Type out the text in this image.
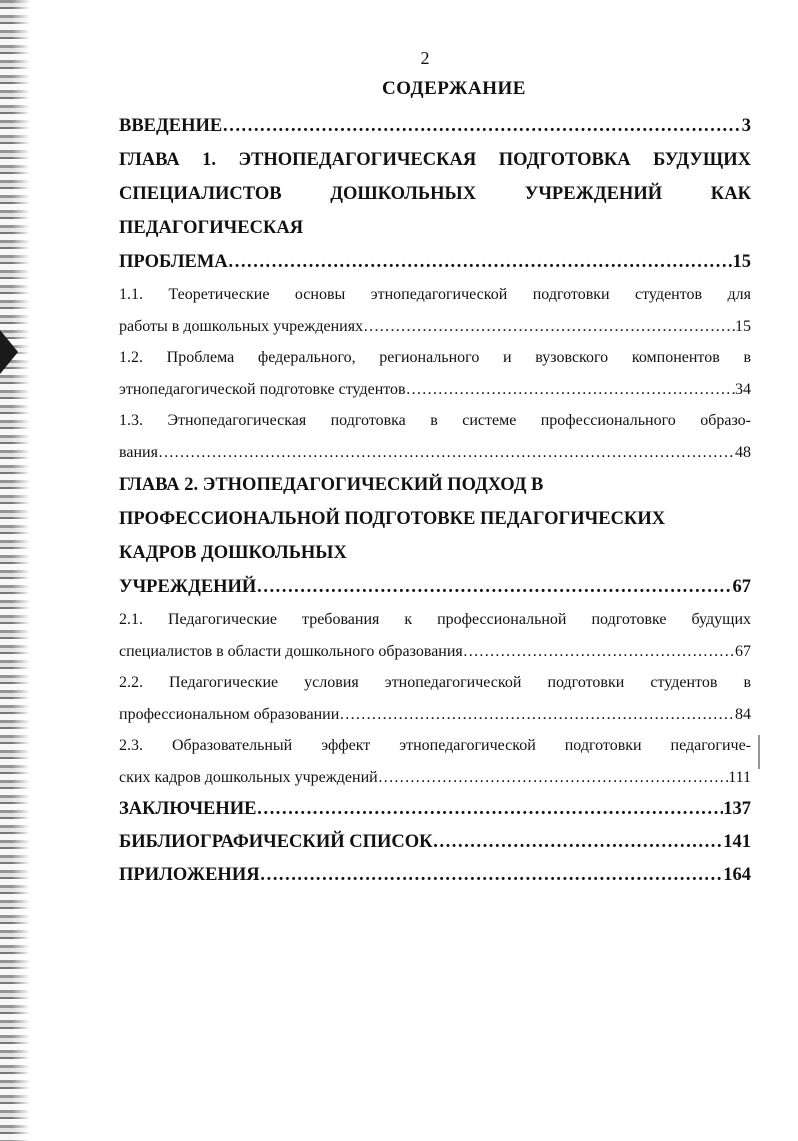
2
СОДЕРЖАНИЕ
ВВЕДЕНИЕ …………………………………………………………………………………………………………………………………………………………………………	3
ГЛАВА 1. ЭТНОПЕДАГОГИЧЕСКАЯ ПОДГОТОВКА БУДУЩИХ
СПЕЦИАЛИСТОВ ДОШКОЛЬНЫХ УЧРЕЖДЕНИЙ КАК
ПЕДАГОГИЧЕСКАЯ
ПРОБЛЕМА …………………………………………………………………………………………………………………………………………………………………………	15
1.1. Теоретические основы этнопедагогической подготовки студентов для
работы в дошкольных учреждениях …………………………………………………………………………………………………………………………………………………………………………	15
1.2. Проблема федерального, регионального и вузовского компонентов в
этнопедагогической подготовке студентов …………………………………………………………………………………………………………………………………………………………………………	34
1.3. Этнопедагогическая подготовка в системе профессионального образо-
вания …………………………………………………………………………………………………………………………………………………………………………	48
ГЛАВА 2. ЭТНОПЕДАГОГИЧЕСКИЙ ПОДХОД В
ПРОФЕССИОНАЛЬНОЙ ПОДГОТОВКЕ ПЕДАГОГИЧЕСКИХ
КАДРОВ ДОШКОЛЬНЫХ
УЧРЕЖДЕНИЙ …………………………………………………………………………………………………………………………………………………………………………	67
2.1. Педагогические требования к профессиональной подготовке будущих
специалистов в области дошкольного образования …………………………………………………………………………………………………………………………………………………………………………	67
2.2. Педагогические условия этнопедагогической подготовки студентов в
профессиональном образовании …………………………………………………………………………………………………………………………………………………………………………	84
2.3. Образовательный эффект этнопедагогической подготовки педагогиче-
ских кадров дошкольных учреждений …………………………………………………………………………………………………………………………………………………………………………	111
ЗАКЛЮЧЕНИЕ …………………………………………………………………………………………………………………………………………………………………………	137
БИБЛИОГРАФИЧЕСКИЙ СПИСОК …………………………………………………………………………………………………………………………………………………………………………	141
ПРИЛОЖЕНИЯ …………………………………………………………………………………………………………………………………………………………………………	164
